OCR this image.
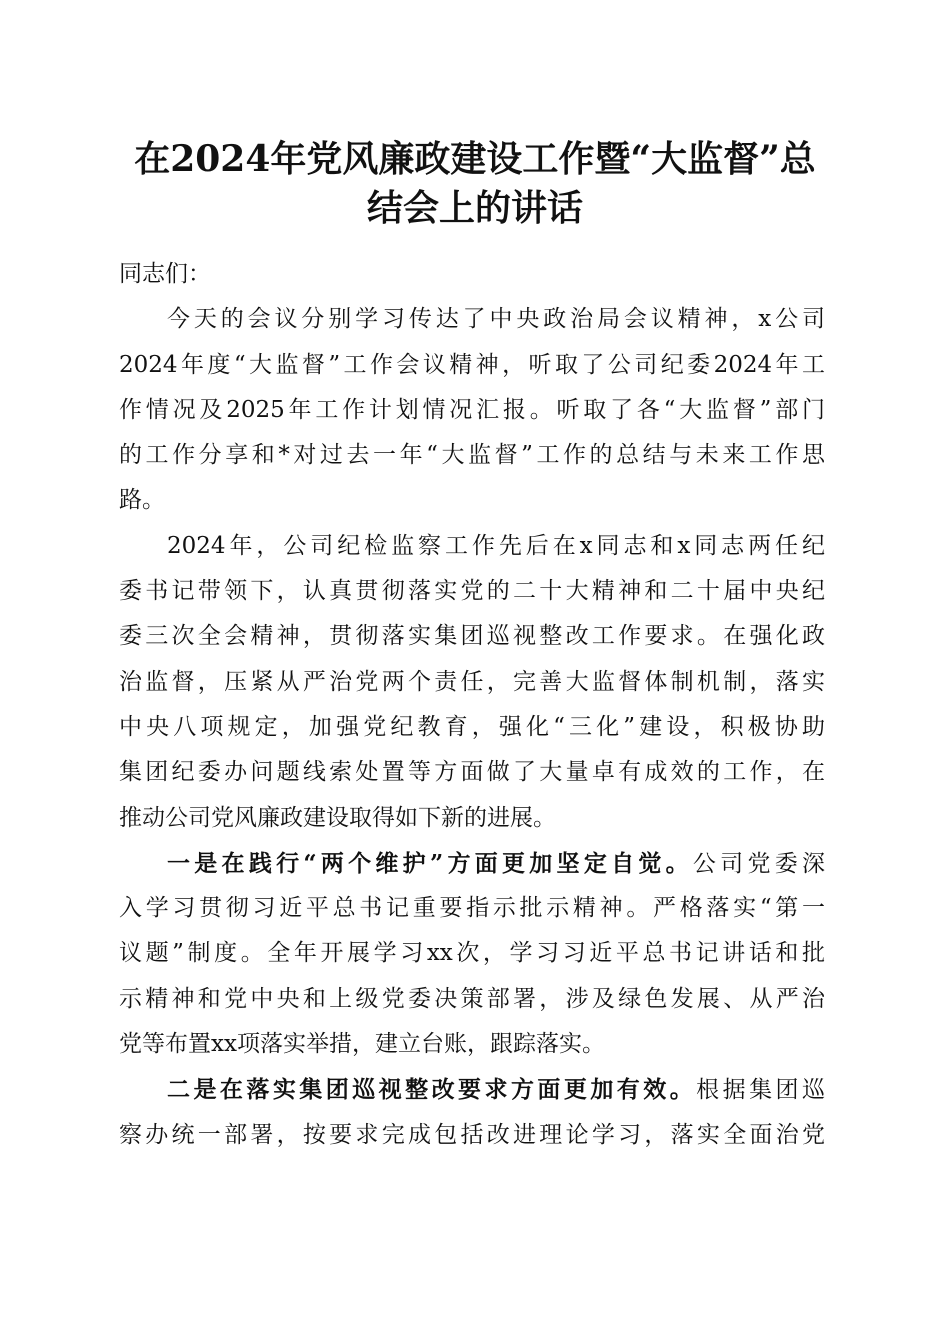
在2024年党风廉政建设工作暨“大监督”总
结会上的讲话
同志们：
今天的会议分别学习传达了中央政治局会议精神，x公司
2024年度“大监督”工作会议精神，听取了公司纪委2024年工
作情况及2025年工作计划情况汇报。听取了各“大监督”部门
的工作分享和*对过去一年“大监督”工作的总结与未来工作思
路。
2024年，公司纪检监察工作先后在x同志和x同志两任纪
委书记带领下，认真贯彻落实党的二十大精神和二十届中央纪
委三次全会精神，贯彻落实集团巡视整改工作要求。在强化政
治监督，压紧从严治党两个责任，完善大监督体制机制，落实
中央八项规定，加强党纪教育，强化“三化”建设，积极协助
集团纪委办问题线索处置等方面做了大量卓有成效的工作，在
推动公司党风廉政建设取得如下新的进展。
一是在践行“两个维护”方面更加坚定自觉。公司党委深
入学习贯彻习近平总书记重要指示批示精神。严格落实“第一
议题”制度。全年开展学习xx次，学习习近平总书记讲话和批
示精神和党中央和上级党委决策部署，涉及绿色发展、从严治
党等布置xx项落实举措，建立台账，跟踪落实。
二是在落实集团巡视整改要求方面更加有效。根据集团巡
察办统一部署，按要求完成包括改进理论学习，落实全面治党
